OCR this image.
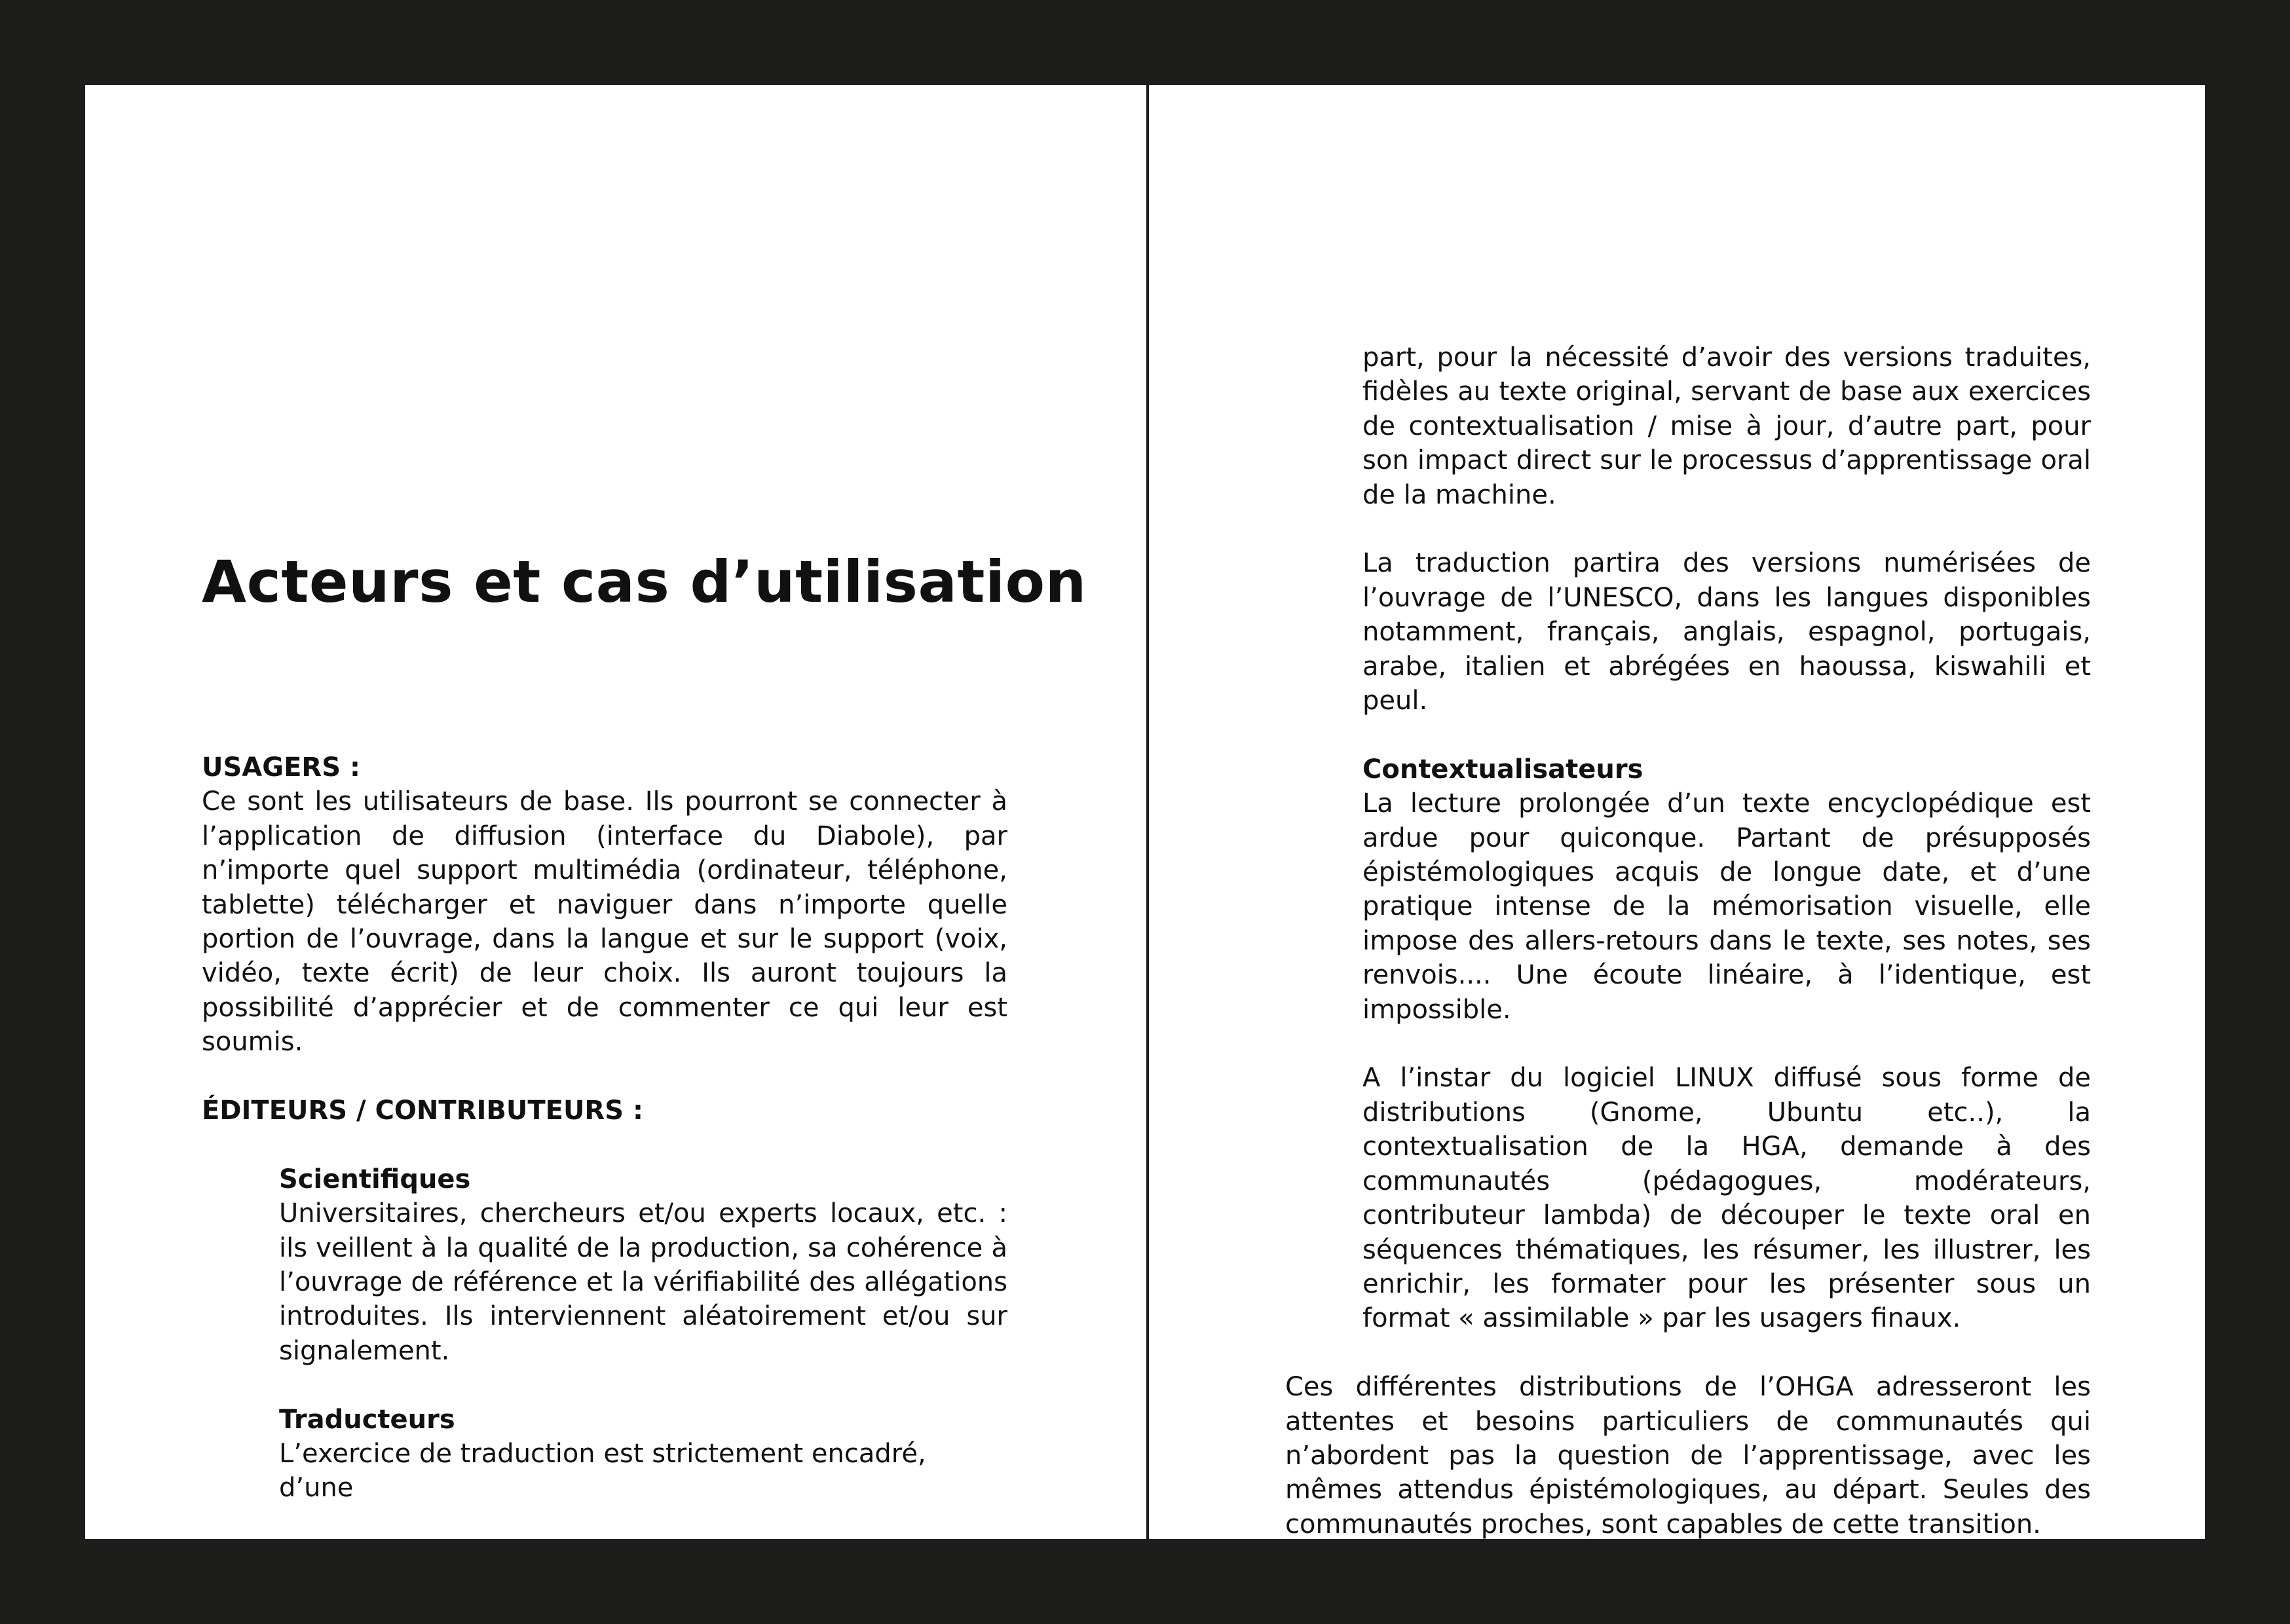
Acteurs et cas d’utilisation

USAGERS :

Ce sont les utilisateurs de base. Ils pourront se connecter à l’application de diffusion (interface du Diabole), par n’importe quel support multimédia (ordinateur, téléphone, tablette) télécharger et naviguer dans n’importe quelle portion de l’ouvrage, dans la langue et sur le support (voix, vidéo, texte écrit) de leur choix. Ils auront toujours la possibilité d’apprécier et de commenter ce qui leur est soumis.

ÉDITEURS / CONTRIBUTEURS :

Scientifiques

Universitaires, chercheurs et/ou experts locaux, etc. : ils veillent à la qualité de la production, sa cohérence à l’ouvrage de référence et la vérifiabilité des allégations introduites. Ils interviennent aléatoirement et/ou sur signalement.

Traducteurs

L’exercice de traduction est strictement encadré, d’une

part, pour la nécessité d’avoir des versions traduites, fidèles au texte original, servant de base aux exercices de contextualisation / mise à jour, d’autre part, pour son impact direct sur le processus d’apprentissage oral de la machine.

La traduction partira des versions numérisées de l’ouvrage de l’UNESCO, dans les langues disponibles notamment, français, anglais, espagnol, portugais, arabe, italien et abrégées en haoussa, kiswahili et peul.

Contextualisateurs

La lecture prolongée d’un texte encyclopédique est ardue pour quiconque. Partant de présupposés épistémologiques acquis de longue date, et d’une pratique intense de la mémorisation visuelle, elle impose des allers-retours dans le texte, ses notes, ses renvois.... Une écoute linéaire, à l’identique, est impossible.

A l’instar du logiciel LINUX diffusé sous forme de distributions (Gnome, Ubuntu etc..), la contextualisation de la HGA, demande à des communautés (pédagogues, modérateurs, contributeur lambda) de découper le texte oral en séquences thématiques, les résumer, les illustrer, les enrichir, les formater pour les présenter sous un format « assimilable » par les usagers finaux.

Ces différentes distributions de l’OHGA adresseront les attentes et besoins particuliers de communautés qui n’abordent pas la question de l’apprentissage, avec les mêmes attendus épistémologiques, au départ. Seules des communautés proches, sont capables de cette transition.
